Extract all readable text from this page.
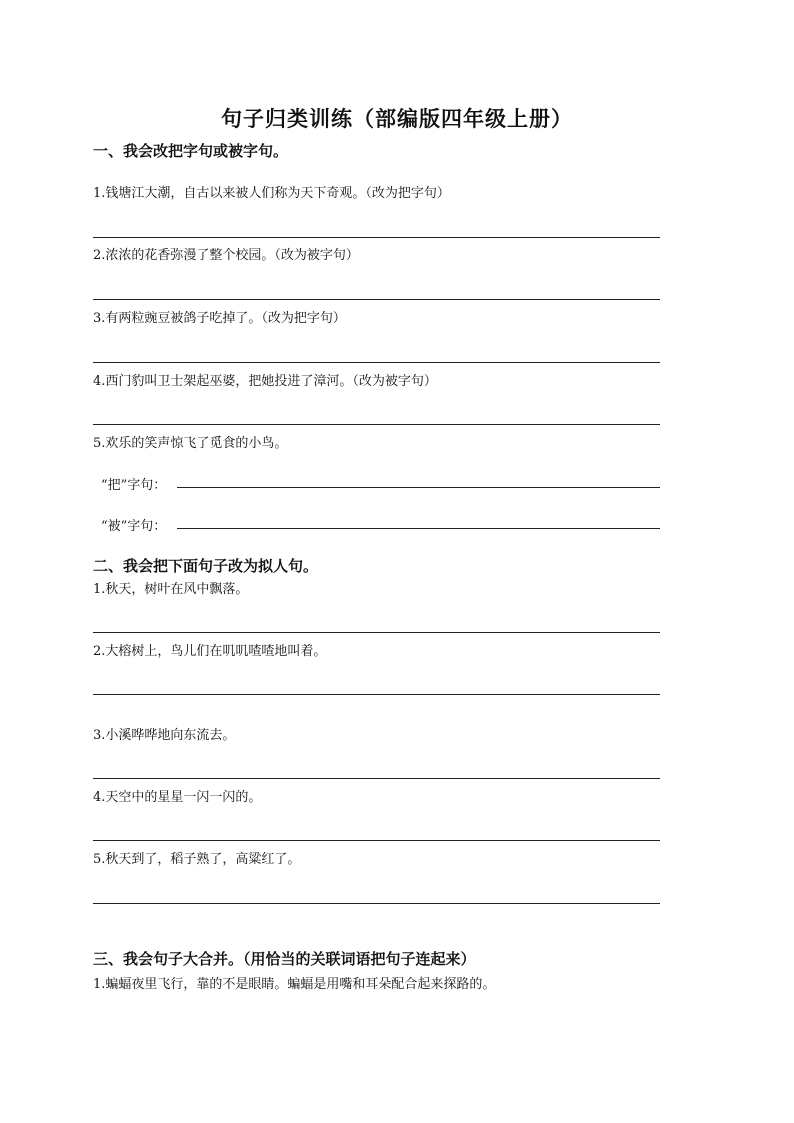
句子归类训练（部编版四年级上册）
一、我会改把字句或被字句。
1.钱塘江大潮，自古以来被人们称为天下奇观。（改为把字句）
2.浓浓的花香弥漫了整个校园。（改为被字句）
3.有两粒豌豆被鸽子吃掉了。（改为把字句）
4.西门豹叫卫士架起巫婆，把她投进了漳河。（改为被字句）
5.欢乐的笑声惊飞了觅食的小鸟。
“把”字句：
“被”字句：
二、我会把下面句子改为拟人句。
1.秋天，树叶在风中飘落。
2.大榕树上，鸟儿们在叽叽喳喳地叫着。
3.小溪哗哗地向东流去。
4.天空中的星星一闪一闪的。
5.秋天到了，稻子熟了，高粱红了。
三、我会句子大合并。（用恰当的关联词语把句子连起来）
1.蝙蝠夜里飞行，靠的不是眼睛。蝙蝠是用嘴和耳朵配合起来探路的。
